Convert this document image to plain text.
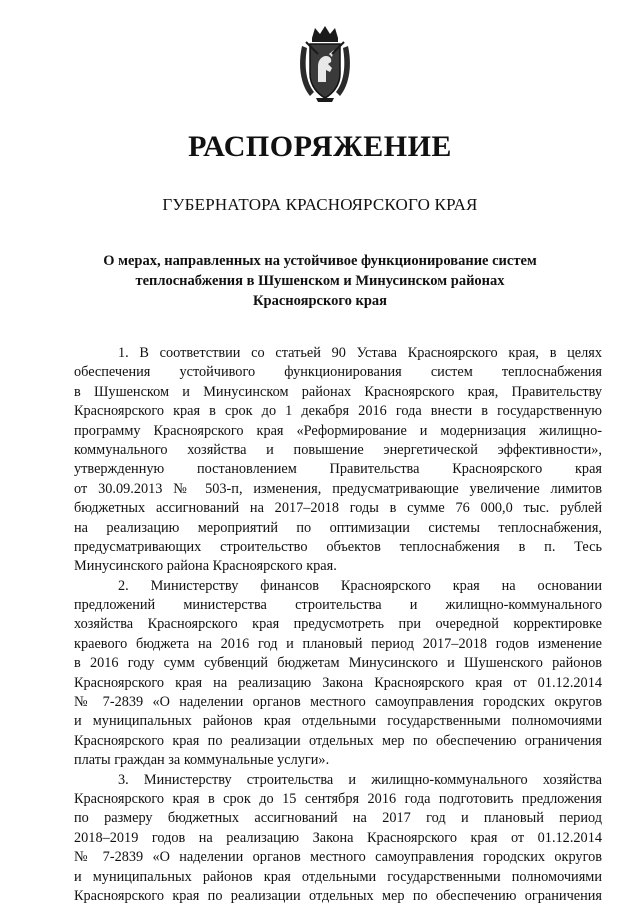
РАСПОРЯЖЕНИЕ
ГУБЕРНАТОРА КРАСНОЯРСКОГО КРАЯ
О мерах, направленных на устойчивое функционирование систем
теплоснабжения в Шушенском и Минусинском районах
Красноярского края
1. В соответствии со статьей 90 Устава Красноярского края, в целях
обеспечения устойчивого функционирования систем теплоснабжения
в Шушенском и Минусинском районах Красноярского края, Правительству
Красноярского края в срок до 1 декабря 2016 года внести в государственную
программу Красноярского края «Реформирование и модернизация жилищно-
коммунального хозяйства и повышение энергетической эффективности»,
утвержденную постановлением Правительства Красноярского края
от 30.09.2013 № 503-п, изменения, предусматривающие увеличение лимитов
бюджетных ассигнований на 2017–2018 годы в сумме 76 000,0 тыс. рублей
на реализацию мероприятий по оптимизации системы теплоснабжения,
предусматривающих строительство объектов теплоснабжения в п. Тесь
Минусинского района Красноярского края.
2. Министерству финансов Красноярского края на основании
предложений министерства строительства и жилищно-коммунального
хозяйства Красноярского края предусмотреть при очередной корректировке
краевого бюджета на 2016 год и плановый период 2017–2018 годов изменение
в 2016 году сумм субвенций бюджетам Минусинского и Шушенского районов
Красноярского края на реализацию Закона Красноярского края от 01.12.2014
№ 7-2839 «О наделении органов местного самоуправления городских округов
и муниципальных районов края отдельными государственными полномочиями
Красноярского края по реализации отдельных мер по обеспечению ограничения
платы граждан за коммунальные услуги».
3. Министерству строительства и жилищно-коммунального хозяйства
Красноярского края в срок до 15 сентября 2016 года подготовить предложения
по размеру бюджетных ассигнований на 2017 год и плановый период
2018–2019 годов на реализацию Закона Красноярского края от 01.12.2014
№ 7-2839 «О наделении органов местного самоуправления городских округов
и муниципальных районов края отдельными государственными полномочиями
Красноярского края по реализации отдельных мер по обеспечению ограничения
